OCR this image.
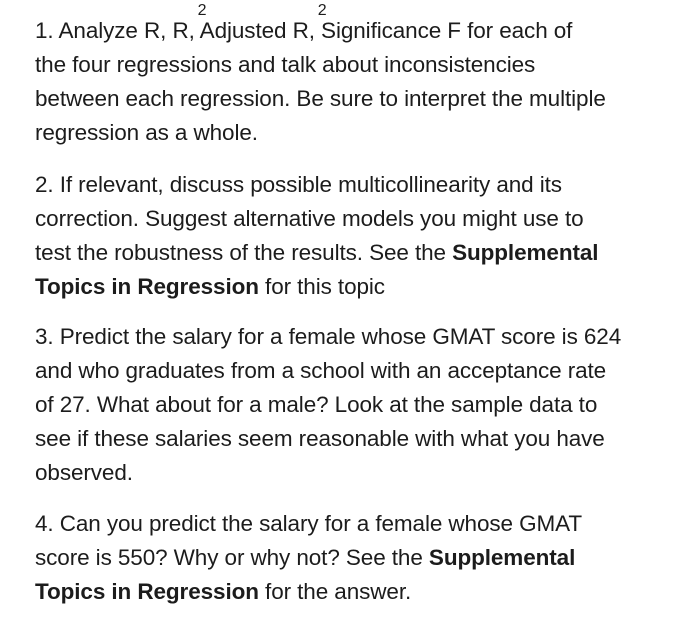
1. Analyze R, R
2
, Adjusted R
2
, Significance F for each of
the four regressions and talk about inconsistencies
between each regression. Be sure to interpret the multiple
regression as a whole.
2. If relevant, discuss possible multicollinearity and its
correction. Suggest alternative models you might use to
test the robustness of the results. See the Supplemental
Topics in Regression for this topic
3. Predict the salary for a female whose GMAT score is 624
and who graduates from a school with an acceptance rate
of 27. What about for a male? Look at the sample data to
see if these salaries seem reasonable with what you have
observed.
4. Can you predict the salary for a female whose GMAT
score is 550? Why or why not? See the Supplemental
Topics in Regression for the answer.
